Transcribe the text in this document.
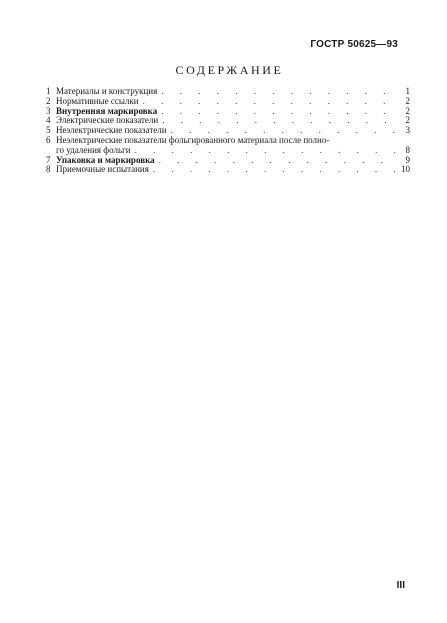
ГОСТР 50625—93
СОДЕРЖАНИЕ
1 Материалы и конструкция . . .	1
2 Нормативные ссылки . . .	2
3 Внутренняя маркировка . . .	2
4 Электрические показатели . . .	2
5 Неэлектрические показатели . . .	3
6 Неэлектрические показатели фольгированного материала после полно-
го удаления фольги . . .	8
7 Упаковка и маркировка . . .	9
8 Приемочные испытания . . .	10
III
